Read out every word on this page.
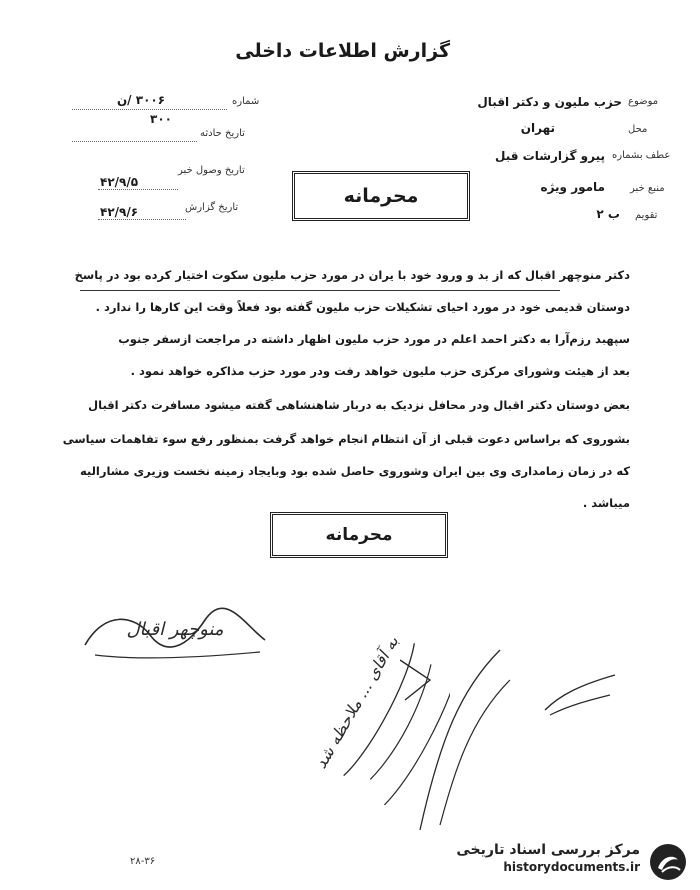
گزارش اطلاعات داخلی
شماره
۳۰۰۶ /ن
۳۰۰
تاریخ حادثه
تاریخ وصول خبر
۴۲/۹/۵
تاریخ گزارش
۴۲/۹/۶
موضوع
حزب ملیون و دکتر اقبال
محل
تهران
عطف بشماره
پیرو گزارشات قبل
منبع خبر
مامور ویژه
تقویم
ب ۲
محرمانه
دکتر منوچهر اقبال که از بد و ورود خود با یران در مورد حزب ملیون سکوت اختیار کرده بود در پاسخ
دوستان قدیمی خود در مورد احیای تشکیلات حزب ملیون گفته بود فعلاً وقت این کارها را ندارد .
سپهبد رزم‌آرا به دکتر احمد اعلم در مورد حزب ملیون اظهار داشته در مراجعت ازسفر جنوب
بعد از هیئت وشورای مرکزی حزب ملیون خواهد رفت ودر مورد حزب مذاکره خواهد نمود .
بعض دوستان دکتر اقبال ودر محافل نزدیک به دربار شاهنشاهی گفته میشود مسافرت دکتر اقبال
بشوروی که براساس دعوت قبلی از آن انتظام انجام خواهد گرفت بمنظور رفع سوء تفاهمات سیاسی
که در زمان زمامداری وی بین ایران وشوروی حاصل شده بود وبایجاد زمینه نخست وزیری مشارالیه
میباشد .
محرمانه
منوچهر اقبال
به آقای ... ملاحظه شد
۲۸-۳۶
مرکز بررسی اسناد تاریخی
historydocuments.ir
